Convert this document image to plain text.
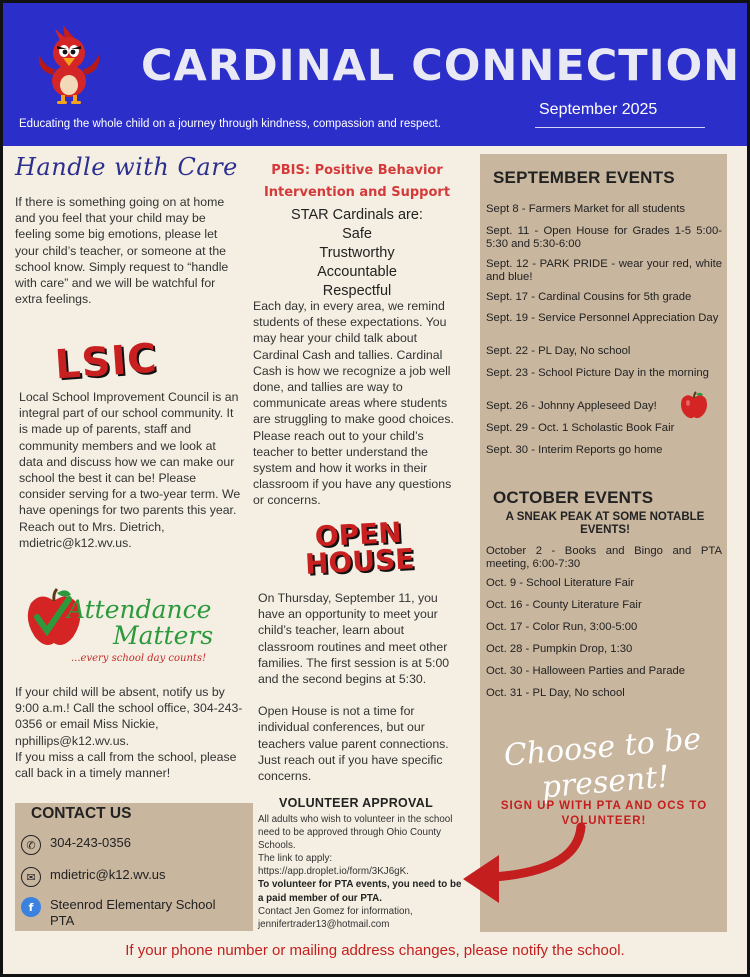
CARDINAL CONNECTION
September 2025
Educating the whole child on a journey through kindness, compassion and respect.
Handle with Care
If there is something going on at home and you feel that your child may be feeling some big emotions, please let your child’s teacher, or someone at the school know. Simply request to “handle with care” and we will be watchful for extra feelings.
LSIC
Local School Improvement Council is an integral part of our school community. It is made up of parents, staff and community members and we look at data and discuss how we can make our school the best it can be! Please consider serving for a two-year term. We have openings for two parents this year. Reach out to Mrs. Dietrich, mdietric@k12.wv.us.
Attendance
Matters
...every school day counts!
If your child will be absent, notify us by 9:00 a.m.! Call the school office, 304-243-0356 or email Miss Nickie, nphillips@k12.wv.us.
If you miss a call from the school, please call back in a timely manner!
CONTACT US
✆	304-243-0356
✉	mdietric@k12.wv.us
f	Steenrod Elementary School PTA
PBIS: Positive Behavior
Intervention and Support
STAR Cardinals are:
Safe
Trustworthy
Accountable
Respectful
Each day, in every area, we remind students of these expectations. You may hear your child talk about Cardinal Cash and tallies. Cardinal Cash is how we recognize a job well done, and tallies are way to communicate areas where students are struggling to make good choices. Please reach out to your child’s teacher to better understand the system and how it works in their classroom if you have any questions or concerns.
OPEN
HOUSE
On Thursday, September 11, you have an opportunity to meet your child’s teacher, learn about classroom routines and meet other families. The first session is at 5:00 and the second begins at 5:30.
Open House is not a time for individual conferences, but our teachers value parent connections. Just reach out if you have specific concerns.
VOLUNTEER APPROVAL
All adults who wish to volunteer in the school need to be approved through Ohio County Schools.
The link to apply:
https://app.droplet.io/form/3KJ6gK.
To volunteer for PTA events, you need to be a paid member of our PTA.
Contact Jen Gomez for information, jennifertrader13@hotmail.com
SEPTEMBER EVENTS
Sept 8 - Farmers Market for all students
Sept. 11 - Open House for Grades 1-5 5:00-5:30 and 5:30-6:00
Sept. 12 - PARK PRIDE - wear your red, white and blue!
Sept. 17 - Cardinal Cousins for 5th grade
Sept. 19 - Service Personnel Appreciation Day
Sept. 22 - PL Day, No school
Sept. 23 - School Picture Day in the morning
Sept. 26 - Johnny Appleseed Day!
Sept. 29 - Oct. 1 Scholastic Book Fair
Sept. 30 - Interim Reports go home
OCTOBER EVENTS
A SNEAK PEAK AT SOME NOTABLE EVENTS!
October 2 - Books and Bingo and PTA meeting, 6:00-7:30
Oct. 9 - School Literature Fair
Oct. 16 - County Literature Fair
Oct. 17 - Color Run, 3:00-5:00
Oct. 28 - Pumpkin Drop, 1:30
Oct. 30 - Halloween Parties and Parade
Oct. 31 - PL Day, No school
Choose to be present!
SIGN UP WITH PTA AND OCS TO VOLUNTEER!
If your phone number or mailing address changes, please notify the school.
